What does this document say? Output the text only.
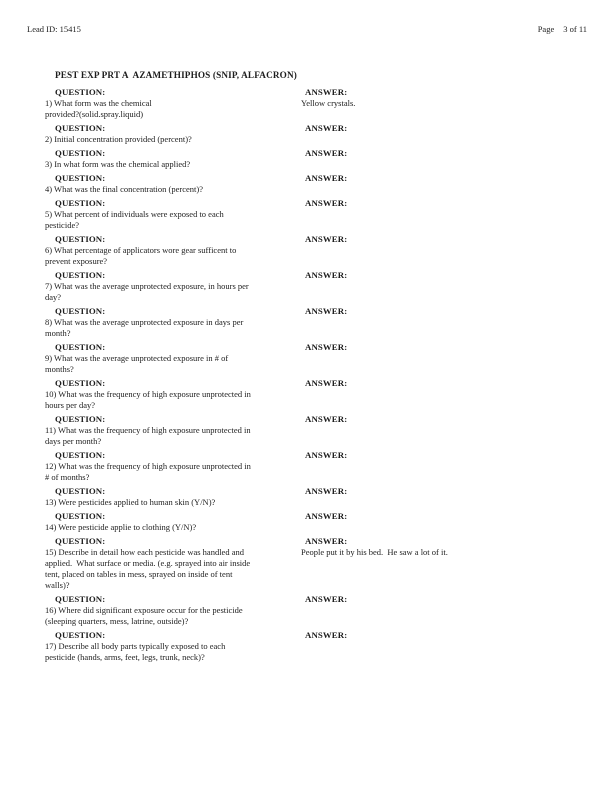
Lead ID: 15415	Page 3 of 11
PEST EXP PRT A  AZAMETHIPHOS (SNIP, ALFACRON)
QUESTION:
1) What form was the chemical
provided?(solid.spray.liquid)
ANSWER:
Yellow crystals.
QUESTION:
2) Initial concentration provided (percent)?
ANSWER:
QUESTION:
3) In what form was the chemical applied?
ANSWER:
QUESTION:
4) What was the final concentration (percent)?
ANSWER:
QUESTION:
5) What percent of individuals were exposed to each
pesticide?
ANSWER:
QUESTION:
6) What percentage of applicators wore gear sufficent to
prevent exposure?
ANSWER:
QUESTION:
7) What was the average unprotected exposure, in hours per
day?
ANSWER:
QUESTION:
8) What was the average unprotected exposure in days per
month?
ANSWER:
QUESTION:
9) What was the average unprotected exposure in # of
months?
ANSWER:
QUESTION:
10) What was the frequency of high exposure unprotected in
hours per day?
ANSWER:
QUESTION:
11) What was the frequency of high exposure unprotected in
days per month?
ANSWER:
QUESTION:
12) What was the frequency of high exposure unprotected in
# of months?
ANSWER:
QUESTION:
13) Were pesticides applied to human skin (Y/N)?
ANSWER:
QUESTION:
14) Were pesticide applie to clothing (Y/N)?
ANSWER:
QUESTION:
15) Describe in detail how each pesticide was handled and
applied.  What surface or media. (e.g. sprayed into air inside
tent, placed on tables in mess, sprayed on inside of tent
walls)?
ANSWER:
People put it by his bed.  He saw a lot of it.
QUESTION:
16) Where did significant exposure occur for the pesticide
(sleeping quarters, mess, latrine, outside)?
ANSWER:
QUESTION:
17) Describe all body parts typically exposed to each
pesticide (hands, arms, feet, legs, trunk, neck)?
ANSWER:
